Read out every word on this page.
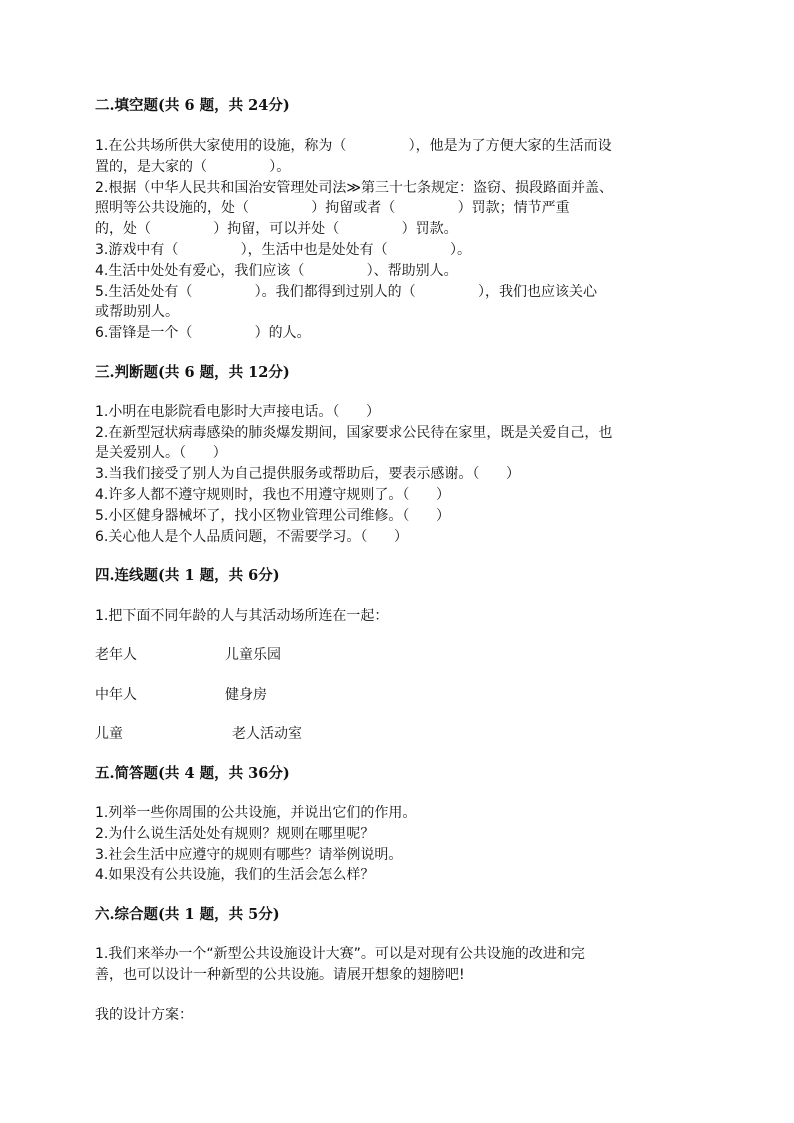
二.填空题(共 6 题，共 24分)
1.在公共场所供大家使用的设施，称为（              ），他是为了方便大家的生活而设
置的，是大家的（              ）。
2.根据（中华人民共和国治安管理处司法≫第三十七条规定：盗窃、损段路面并盖、
照明等公共设施的，处（              ）拘留或者（              ）罚款；情节严重
的，处（              ）拘留，可以并处（              ）罚款。
3.游戏中有（              ），生活中也是处处有（              ）。
4.生活中处处有爱心，我们应该（              ）、帮助别人。
5.生活处处有（              ）。我们都得到过别人的（              ），我们也应该关心
或帮助别人。
6.雷锋是一个（              ）的人。
三.判断题(共 6 题，共 12分)
1.小明在电影院看电影时大声接电话。（      ）
2.在新型冠状病毒感染的肺炎爆发期间，国家要求公民待在家里，既是关爱自己，也
是关爱别人。（      ）
3.当我们接受了别人为自己提供服务或帮助后，要表示感谢。（      ）
4.许多人都不遵守规则时，我也不用遵守规则了。（      ）
5.小区健身器械坏了，找小区物业管理公司维修。（      ）
6.关心他人是个人品质问题，不需要学习。（      ）
四.连线题(共 1 题，共 6分)
1.把下面不同年龄的人与其活动场所连在一起：
老年人	儿童乐园
中年人	健身房
儿童	老人活动室
五.简答题(共 4 题，共 36分)
1.列举一些你周围的公共设施，并说出它们的作用。
2.为什么说生活处处有规则？规则在哪里呢？
3.社会生活中应遵守的规则有哪些？请举例说明。
4.如果没有公共设施，我们的生活会怎么样？
六.综合题(共 1 题，共 5分)
1.我们来举办一个“新型公共设施设计大赛”。可以是对现有公共设施的改进和完
善，也可以设计一种新型的公共设施。请展开想象的翅膀吧!
我的设计方案：
